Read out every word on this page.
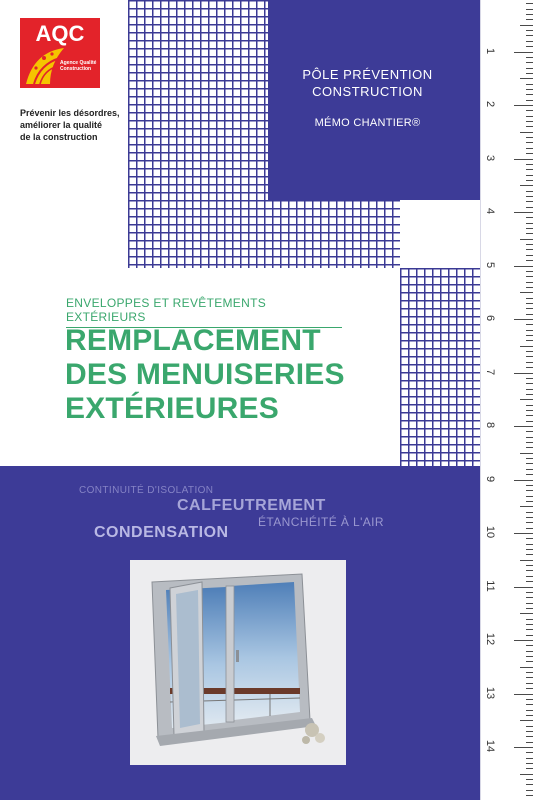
AQC
Agence Qualité Construction

Prévenir les désordres,
améliorer la qualité
de la construction

PÔLE PRÉVENTION
CONSTRUCTION
MÉMO CHANTIER®
ENVELOPPES ET REVÊTEMENTS EXTÉRIEURS
REMPLACEMENT
DES MENUISERIES
EXTÉRIEURES
CONTINUITÉ D'ISOLATION
CALFEUTREMENT
ÉTANCHÉITÉ À L'AIR
CONDENSATION
1
2
3
4
5
6
7
8
9
10
11
12
13
14
